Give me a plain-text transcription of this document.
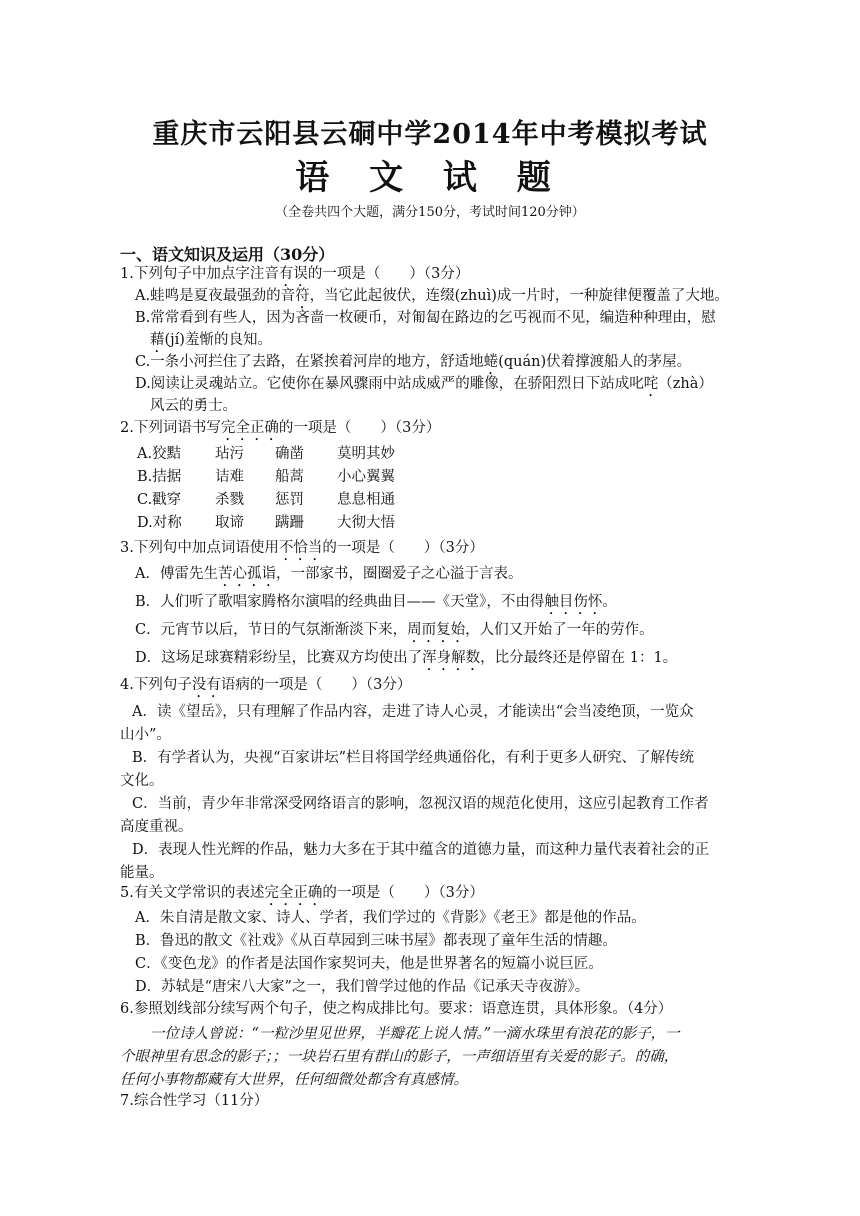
重庆市云阳县云硐中学2014年中考模拟考试
语 文 试 题
（全卷共四个大题，满分150分，考试时间120分钟）
一、语文知识及运用（30分）
1.下列句子中加点字注音有误的一项是（　　）（3分）
A.蛙鸣是夏夜最强劲的音符，当它此起彼伏，连缀(zhuì)成一片时，一种旋律便覆盖了大地。
B.常常看到有些人，因为吝啬一枚硬币，对匍匐在路边的乞丐视而不见，编造种种理由，慰
藉(jí)羞惭的良知。
C.一条小河拦住了去路，在紧挨着河岸的地方，舒适地蜷(quán)伏着撑渡船人的茅屋。
D.阅读让灵魂站立。它使你在暴风骤雨中站成威严的雕像，在骄阳烈日下站成叱咤（zhà）
风云的勇士。
2.下列词语书写完全正确的一项是（　　）（3分）
A.狡黠 玷污 确凿 莫明其妙
B.拮据 诘难 船蒿 小心翼翼
C.戳穿 杀戮 惩罚 息息相通
D.对称 取谛 蹒跚 大彻大悟
3.下列句中加点词语使用不恰当的一项是（　　）（3分）
A．傅雷先生苦心孤诣，一部家书，圈圈爱子之心溢于言表。
B．人们听了歌唱家腾格尔演唱的经典曲目——《天堂》，不由得触目伤怀。
C．元宵节以后，节日的气氛渐渐淡下来，周而复始，人们又开始了一年的劳作。
D．这场足球赛精彩纷呈，比赛双方均使出了浑身解数，比分最终还是停留在 1：1。
4.下列句子没有语病的一项是（　　）（3分）
A．读《望岳》，只有理解了作品内容，走进了诗人心灵，才能读出“会当凌绝顶，一览众
山小”。
B．有学者认为，央视“百家讲坛”栏目将国学经典通俗化，有利于更多人研究、了解传统
文化。
C．当前，青少年非常深受网络语言的影响，忽视汉语的规范化使用，这应引起教育工作者
高度重视。
D．表现人性光辉的作品，魅力大多在于其中蕴含的道德力量，而这种力量代表着社会的正
能量。
5.有关文学常识的表述完全正确的一项是（　　）（3分）
A．朱自清是散文家、诗人、学者，我们学过的《背影》《老王》都是他的作品。
B．鲁迅的散文《社戏》《从百草园到三味书屋》都表现了童年生活的情趣。
C．《变色龙》的作者是法国作家契诃夫，他是世界著名的短篇小说巨匠。
D．苏轼是“唐宋八大家”之一，我们曾学过他的作品《记承天寺夜游》。
6.参照划线部分续写两个句子，使之构成排比句。要求：语意连贯，具体形象。（4分）
一位诗人曾说：“一粒沙里见世界，半瓣花上说人情。”一滴水珠里有浪花的影子，一
个眼神里有思念的影子；；一块岩石里有群山的影子，一声细语里有关爱的影子。的确，
任何小事物都藏有大世界，任何细微处都含有真感情。
7.综合性学习（11分）
